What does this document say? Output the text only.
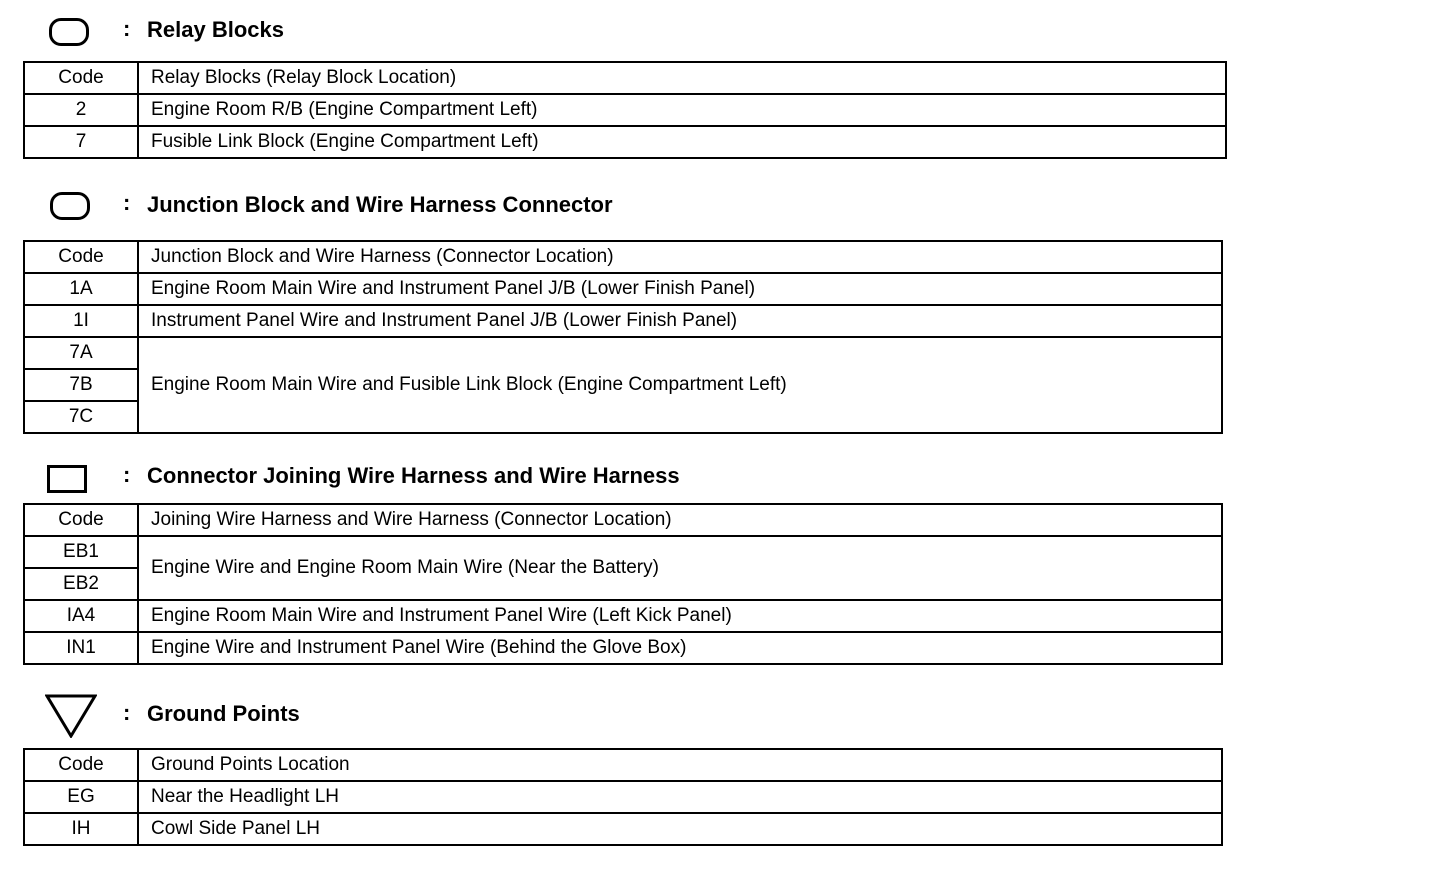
: Relay Blocks
Code	Relay Blocks (Relay Block Location)
2	Engine Room R/B (Engine Compartment Left)
7	Fusible Link Block (Engine Compartment Left)
: Junction Block and Wire Harness Connector
Code	Junction Block and Wire Harness (Connector Location)
1A	Engine Room Main Wire and Instrument Panel J/B (Lower Finish Panel)
1I	Instrument Panel Wire and Instrument Panel J/B (Lower Finish Panel)
7A	Engine Room Main Wire and Fusible Link Block (Engine Compartment Left)
7B	
7C	
: Connector Joining Wire Harness and Wire Harness
Code	Joining Wire Harness and Wire Harness (Connector Location)
EB1	Engine Wire and Engine Room Main Wire (Near the Battery)
EB2	
IA4	Engine Room Main Wire and Instrument Panel Wire (Left Kick Panel)
IN1	Engine Wire and Instrument Panel Wire (Behind the Glove Box)
: Ground Points
Code	Ground Points Location
EG	Near the Headlight LH
IH	Cowl Side Panel LH
